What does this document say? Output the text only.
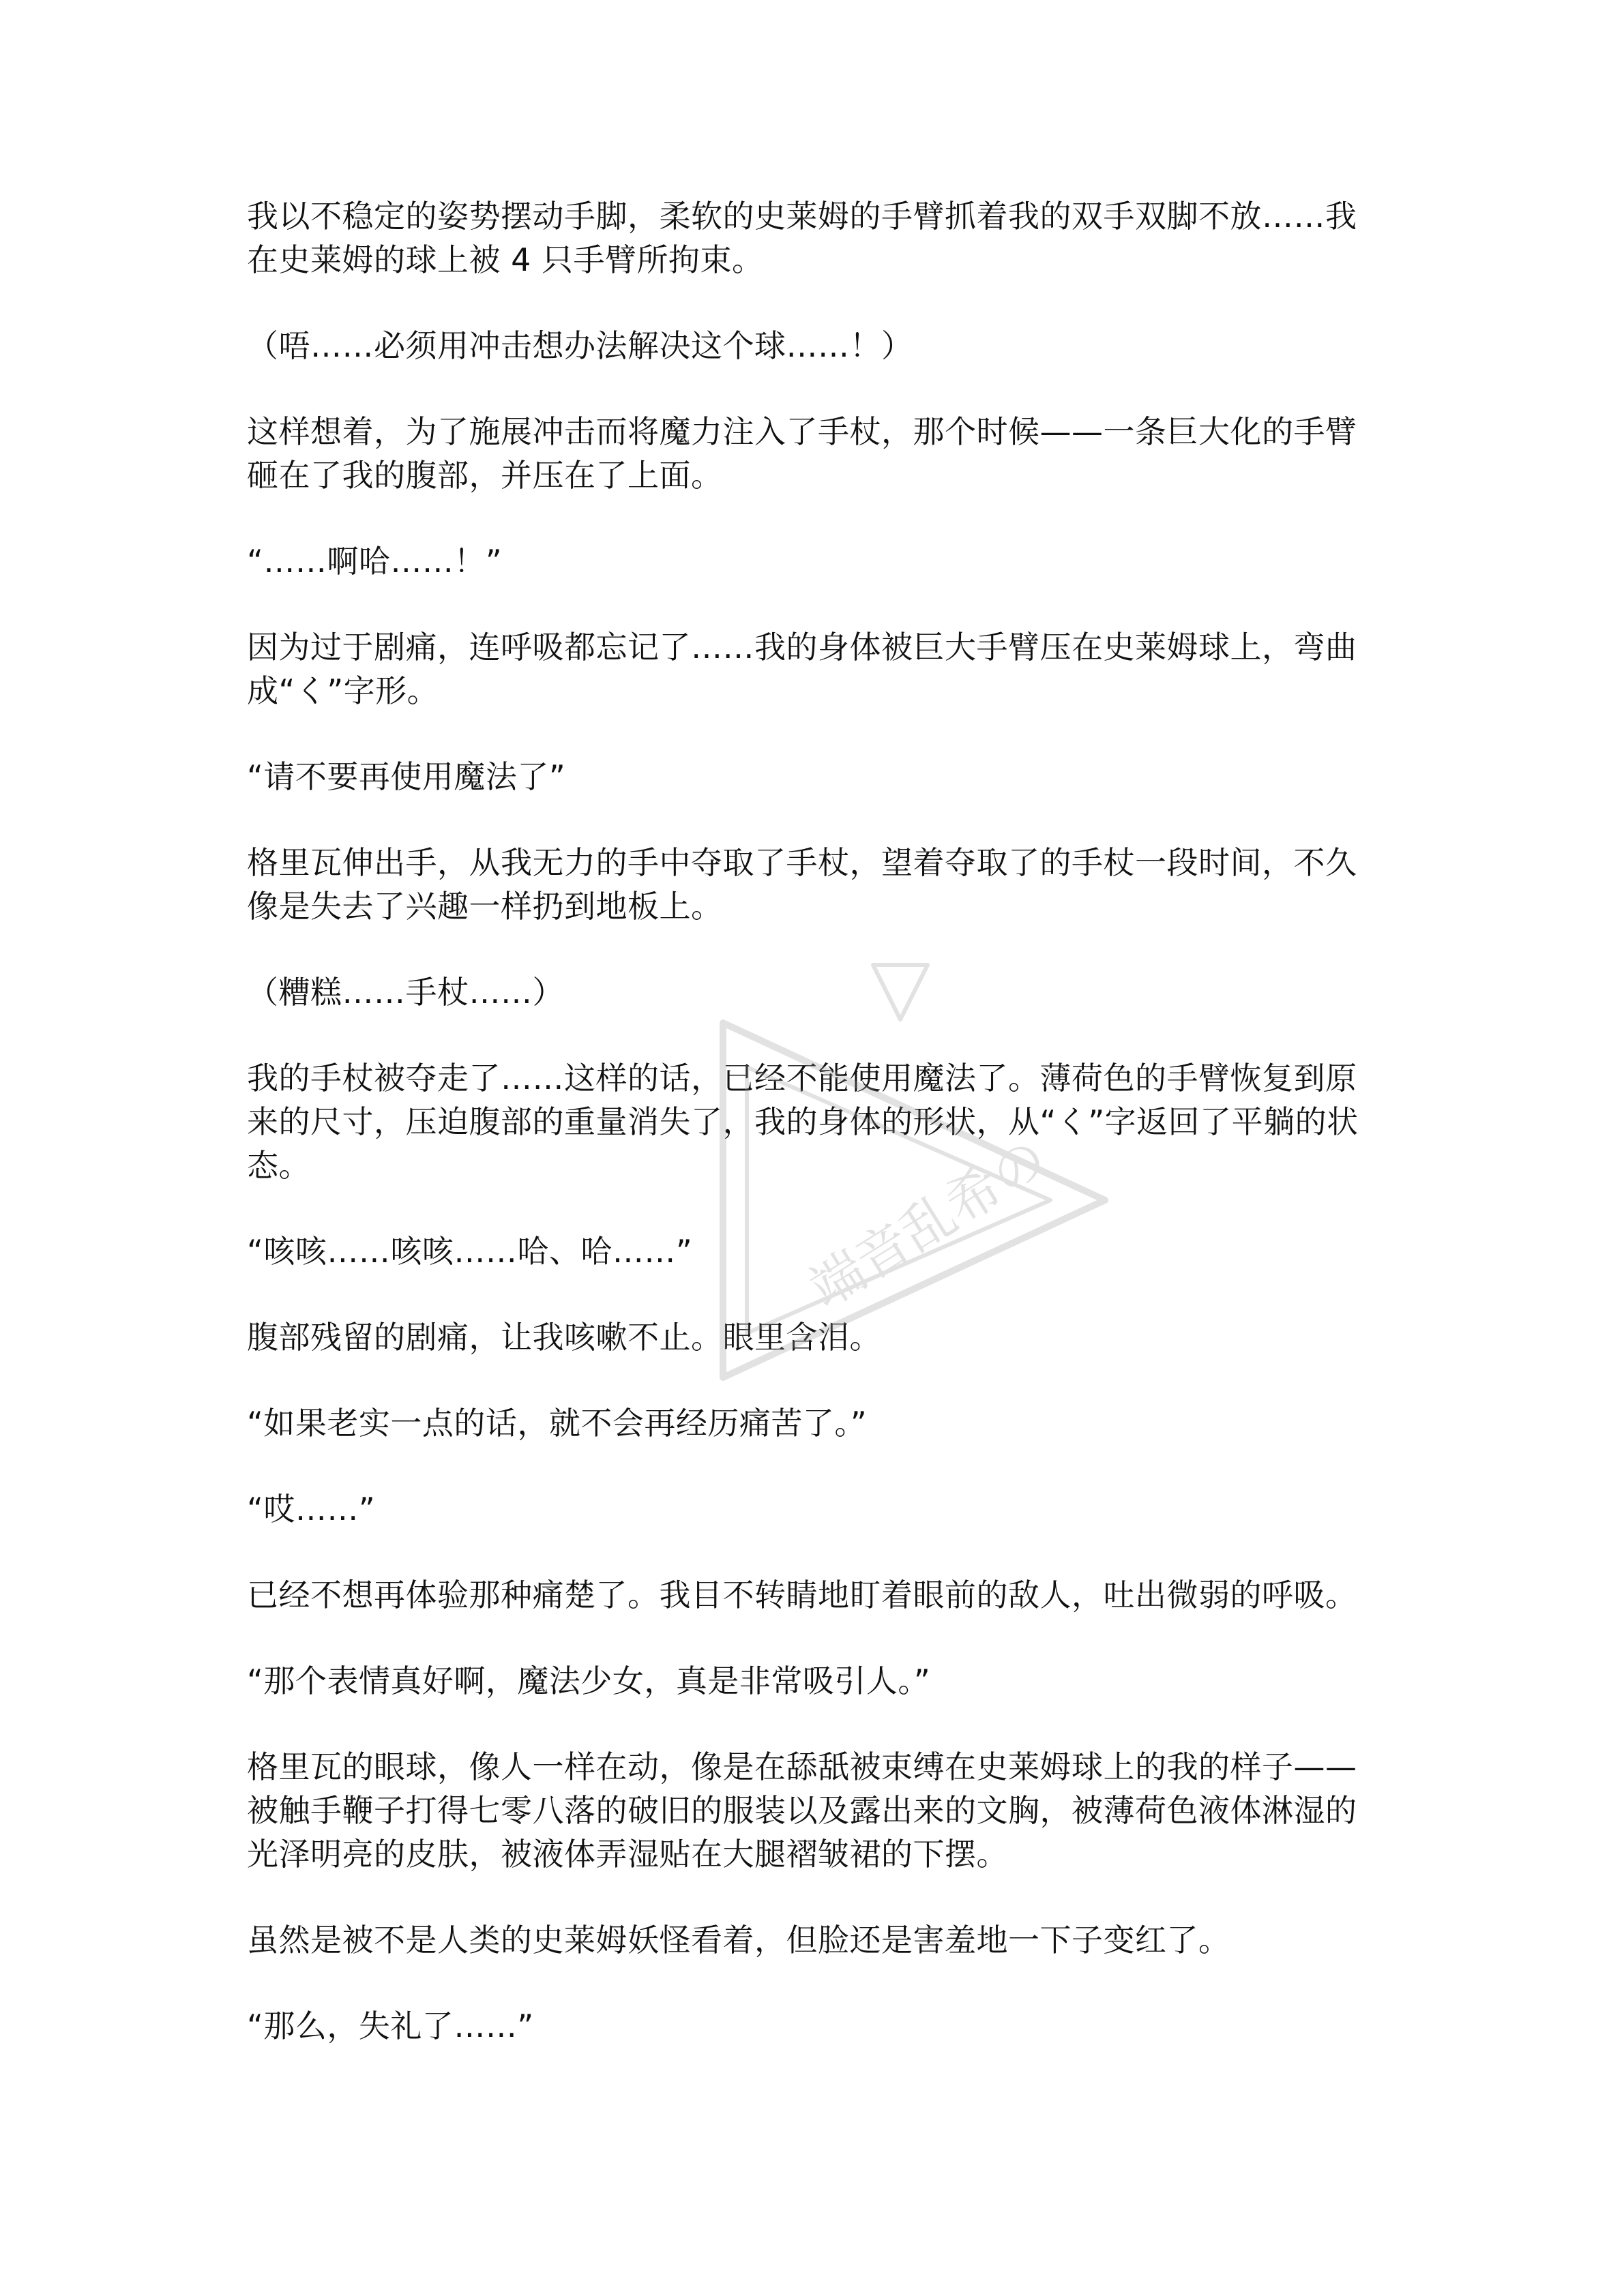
我以不稳定的姿势摆动手脚，柔软的史莱姆的手臂抓着我的双手双脚不放……我在史莱姆的球上被 4 只手臂所拘束。

（唔……必须用冲击想办法解决这个球……！）

这样想着，为了施展冲击而将魔力注入了手杖，那个时候——一条巨大化的手臂砸在了我的腹部，并压在了上面。

“……啊哈……！”

因为过于剧痛，连呼吸都忘记了……我的身体被巨大手臂压在史莱姆球上，弯曲成“く”字形。

“请不要再使用魔法了”

格里瓦伸出手，从我无力的手中夺取了手杖，望着夺取了的手杖一段时间，不久像是失去了兴趣一样扔到地板上。

（糟糕……手杖……）

我的手杖被夺走了……这样的话，已经不能使用魔法了。薄荷色的手臂恢复到原来的尺寸，压迫腹部的重量消失了，我的身体的形状，从“く”字返回了平躺的状态。

“咳咳……咳咳……哈、哈……”

腹部残留的剧痛，让我咳嗽不止。眼里含泪。

“如果老实一点的话，就不会再经历痛苦了。”

“哎……”

已经不想再体验那种痛楚了。我目不转睛地盯着眼前的敌人，吐出微弱的呼吸。

“那个表情真好啊，魔法少女，真是非常吸引人。”

格里瓦的眼球，像人一样在动，像是在舔舐被束缚在史莱姆球上的我的样子——被触手鞭子打得七零八落的破旧的服装以及露出来的文胸，被薄荷色液体淋湿的光泽明亮的皮肤，被液体弄湿贴在大腿褶皱裙的下摆。

虽然是被不是人类的史莱姆妖怪看着，但脸还是害羞地一下子变红了。

“那么，失礼了……”

端音乱希の
